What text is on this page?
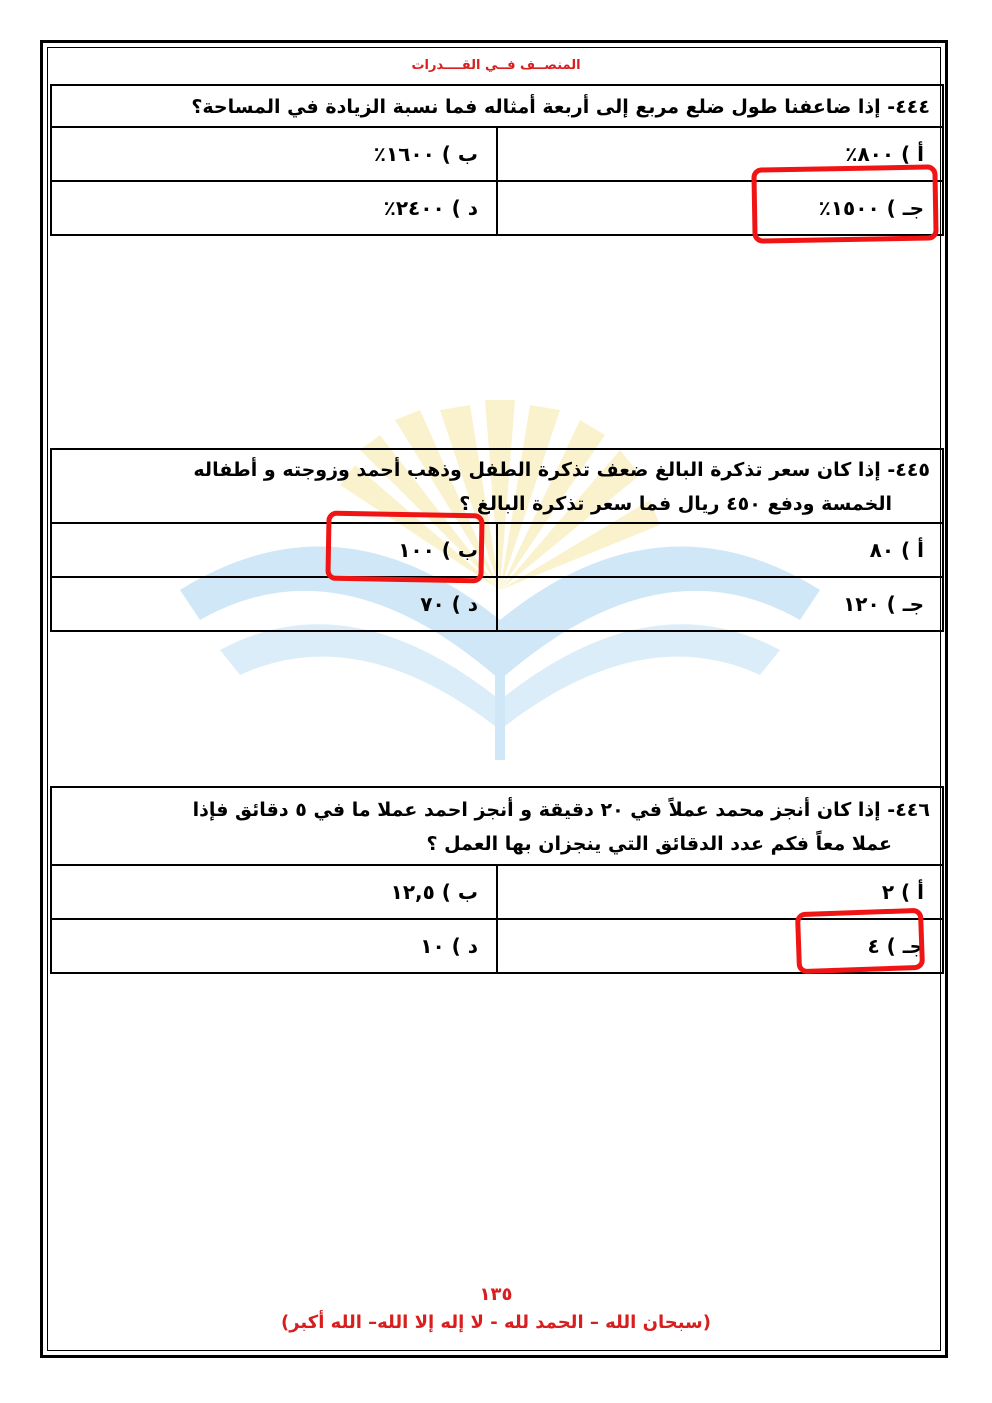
المنصــف فــي القــــدرات
٤٤٤- إذا ضاعفنا طول ضلع مربع إلى أربعة أمثاله فما نسبة الزيادة في المساحة؟	

أ ) ٨٠٠٪	ب ) ١٦٠٠٪
جـ ) ١٥٠٠٪	د ) ٢٤٠٠٪
٤٤٥- إذا كان سعر تذكرة البالغ ضعف تذكرة الطفل وذهب أحمد وزوجته و أطفاله
الخمسة ودفع ٤٥٠ ريال فما سعر تذكرة البالغ ؟	

أ ) ٨٠	ب ) ١٠٠
جـ ) ١٢٠	د ) ٧٠
٤٤٦- إذا كان أنجز محمد عملاً في ٢٠ دقيقة و أنجز احمد عملا ما في ٥ دقائق فإذا
عملا معاً فكم عدد الدقائق التي ينجزان بها العمل ؟	

أ ) ٢	ب ) ١٢,٥
جـ ) ٤	د ) ١٠
١٣٥
(سبحان الله – الحمد لله - لا إله إلا الله– الله أكبر)
